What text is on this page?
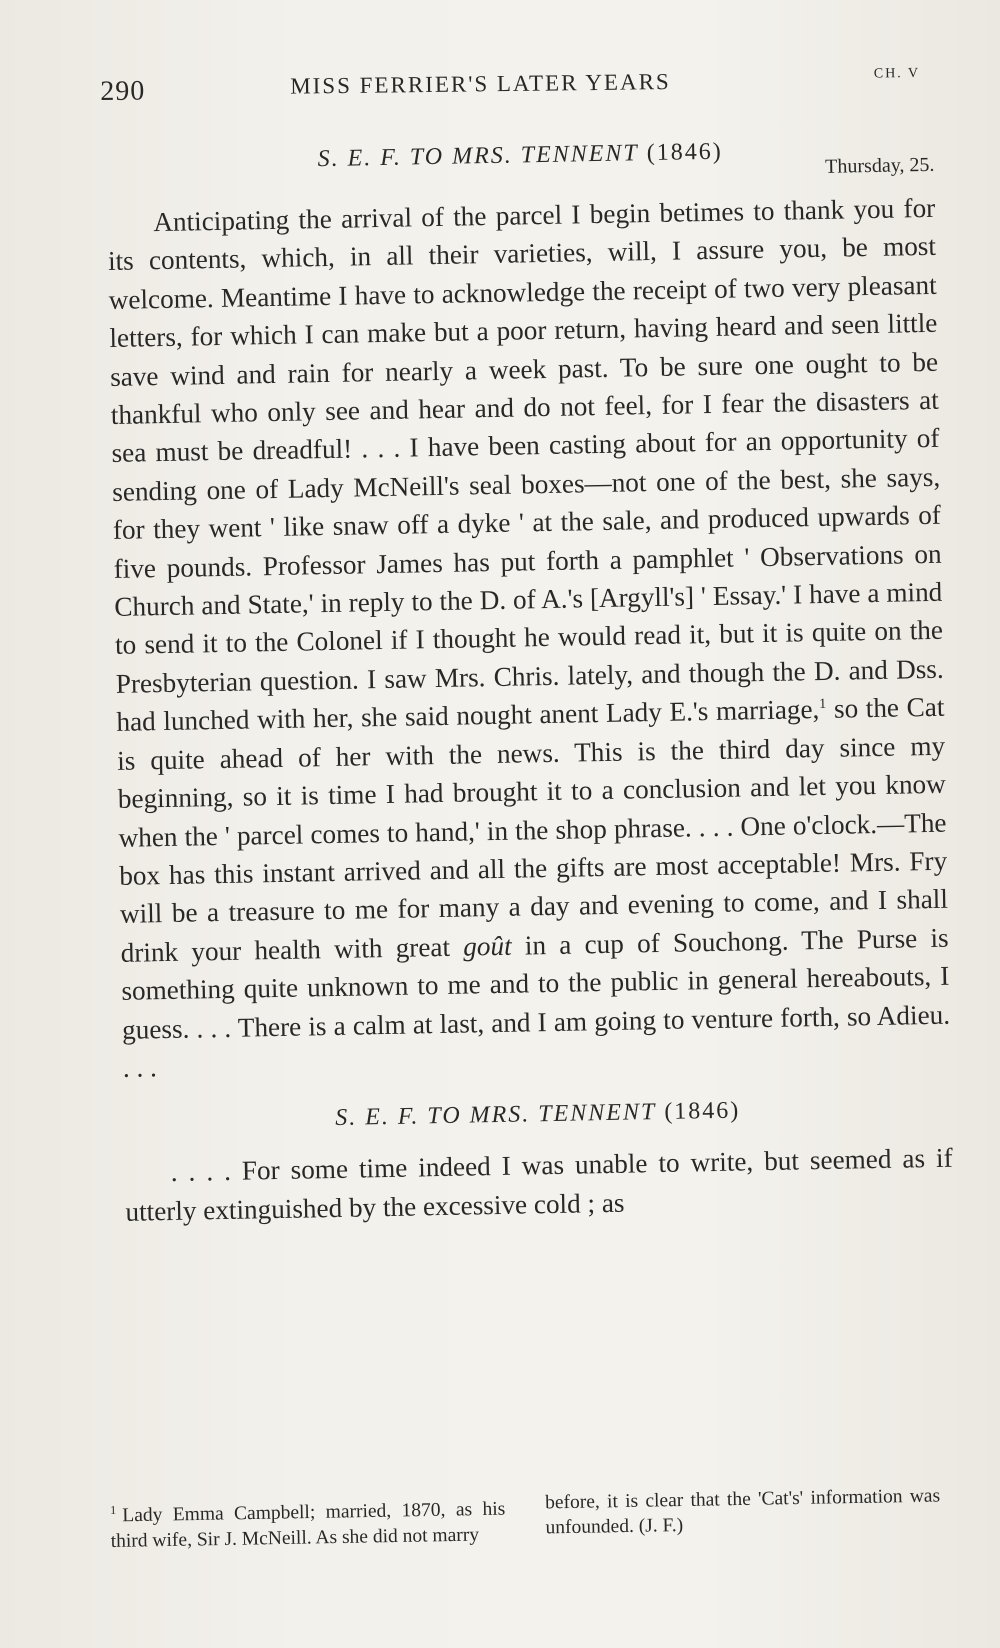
290	MISS FERRIER'S LATER YEARS	CH. V

S. E. F. TO MRS. TENNENT (1846)	Thursday, 25.

Anticipating the arrival of the parcel I begin betimes to thank you for its contents, which, in all their varieties, will, I assure you, be most welcome. Meantime I have to acknowledge the receipt of two very pleasant letters, for which I can make but a poor return, having heard and seen little save wind and rain for nearly a week past. To be sure one ought to be thankful who only see and hear and do not feel, for I fear the disasters at sea must be dreadful! . . . I have been casting about for an opportunity of sending one of Lady McNeill's seal boxes—not one of the best, she says, for they went ' like snaw off a dyke ' at the sale, and produced upwards of five pounds. Professor James has put forth a pamphlet ' Observations on Church and State,' in reply to the D. of A.'s [Argyll's] ' Essay.' I have a mind to send it to the Colonel if I thought he would read it, but it is quite on the Presbyterian question. I saw Mrs. Chris. lately, and though the D. and Dss. had lunched with her, she said nought anent Lady E.'s marriage,$^1$ so the Cat is quite ahead of her with the news. This is the third day since my beginning, so it is time I had brought it to a conclusion and let you know when the ' parcel comes to hand,' in the shop phrase. . . . One o'clock.—The box has this instant arrived and all the gifts are most acceptable! Mrs. Fry will be a treasure to me for many a day and evening to come, and I shall drink your health with great goût in a cup of Souchong. The Purse is something quite unknown to me and to the public in general hereabouts, I guess. . . . There is a calm at last, and I am going to venture forth, so Adieu. . . .

S. E. F. TO MRS. TENNENT (1846)

. . . . For some time indeed I was unable to write, but seemed as if utterly extinguished by the excessive cold ; as

$^1$ Lady Emma Campbell; married, 1870, as his third wife, Sir J. McNeill. As she did not marry

before, it is clear that the 'Cat's' information was unfounded. (J. F.)
